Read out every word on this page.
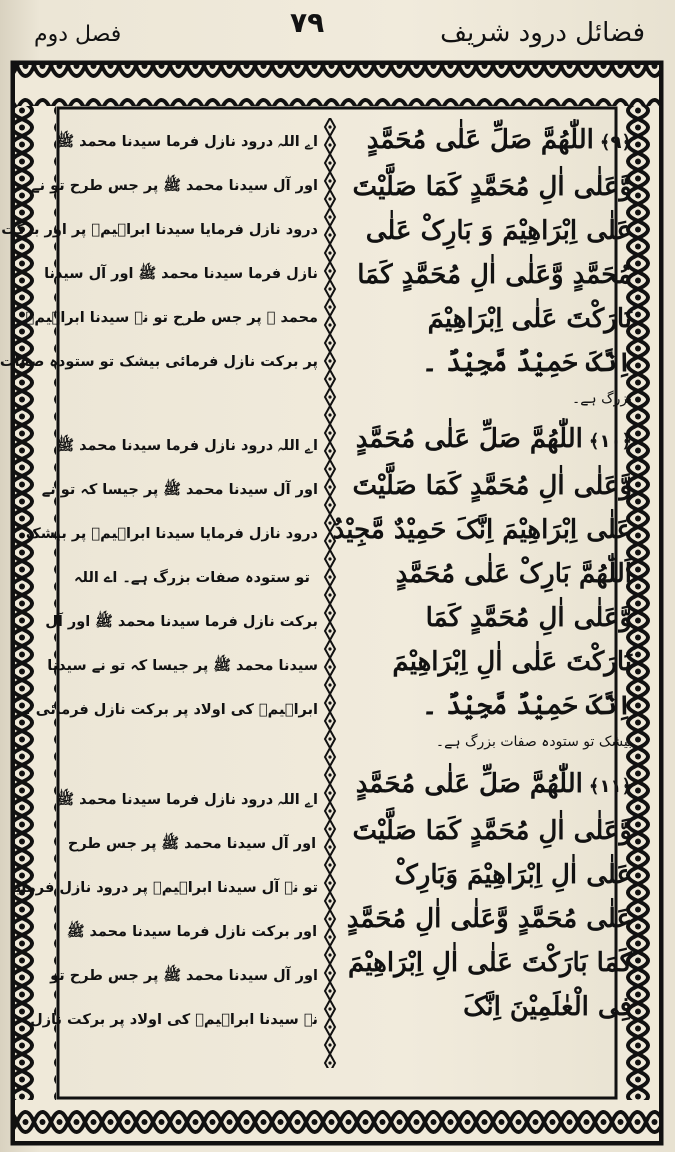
فصل دوم	۷۹	فضائل درود شریف
﴿۹﴾اللّٰھُمَّ صَلِّ عَلٰی مُحَمَّدٍ
وَّعَلٰی اٰلِ مُحَمَّدٍ کَمَا صَلَّیْتَ
عَلٰی اِبْرَاھِیْمَ وَ بَارِکْ عَلٰی
مُحَمَّدٍ وَّعَلٰی اٰلِ مُحَمَّدٍ کَمَا
بَارَکْتَ عَلٰی اِبْرَاھِیْمَ
اِنَّکَ حَمِیْدٌ مَّجِیْدٌ ۔
بزرگ ہے۔
﴿۱۰﴾اللّٰھُمَّ صَلِّ عَلٰی مُحَمَّدٍ
وَّعَلٰی اٰلِ مُحَمَّدٍ کَمَا صَلَّیْتَ
عَلٰی اِبْرَاھِیْمَ اِنَّکَ حَمِیْدٌ مَّجِیْدٌ
اَللّٰھُمَّ بَارِکْ عَلٰی مُحَمَّدٍ
وَّعَلٰی اٰلِ مُحَمَّدٍ کَمَا
بَارَکْتَ عَلٰی اٰلِ اِبْرَاھِیْمَ
اِنَّکَ حَمِیْدٌ مَّجِیْدٌ ۔
بیشک تو ستودہ صفات بزرگ ہے۔
﴿۱۱﴾اللّٰھُمَّ صَلِّ عَلٰی مُحَمَّدٍ
وَّعَلٰی اٰلِ مُحَمَّدٍ کَمَا صَلَّیْتَ
عَلٰی اٰلِ اِبْرَاھِیْمَ وَبَارِکْ
عَلٰی مُحَمَّدٍ وَّعَلٰی اٰلِ مُحَمَّدٍ
کَمَا بَارَکْتَ عَلٰی اٰلِ اِبْرَاھِیْمَ
فِی الْعٰلَمِیْنَ اِنَّکَ
اے اللہ درود نازل فرما سیدنا محمد ﷺ
اور آل سیدنا محمد ﷺ پر جس طرح تو نے
درود نازل فرمایا سیدنا ابراہیمؑ پر اور برکت
نازل فرما سیدنا محمد ﷺ اور آل سیدنا
محمد ﷺ پر جس طرح تو نے سیدنا ابراہیمؑ
پر برکت نازل فرمائی بیشک تو ستودہ صفات
اے اللہ درود نازل فرما سیدنا محمد ﷺ
اور آل سیدنا محمد ﷺ پر جیسا کہ تو نے
درود نازل فرمایا سیدنا ابراہیمؑ پر بیشک
تو ستودہ صفات بزرگ ہے۔ اے اللہ
برکت نازل فرما سیدنا محمد ﷺ اور آل
سیدنا محمد ﷺ پر جیسا کہ تو نے سیدنا
ابراہیمؑ کی اولاد پر برکت نازل فرمائی ،
اے اللہ درود نازل فرما سیدنا محمد ﷺ
اور آل سیدنا محمد ﷺ پر جس طرح
تو نے آل سیدنا ابراہیمؑ پر درود نازل فرمایا
اور برکت نازل فرما سیدنا محمد ﷺ
اور آل سیدنا محمد ﷺ پر جس طرح تو
نے سیدنا ابراہیمؑ کی اولاد پر برکت نازل
